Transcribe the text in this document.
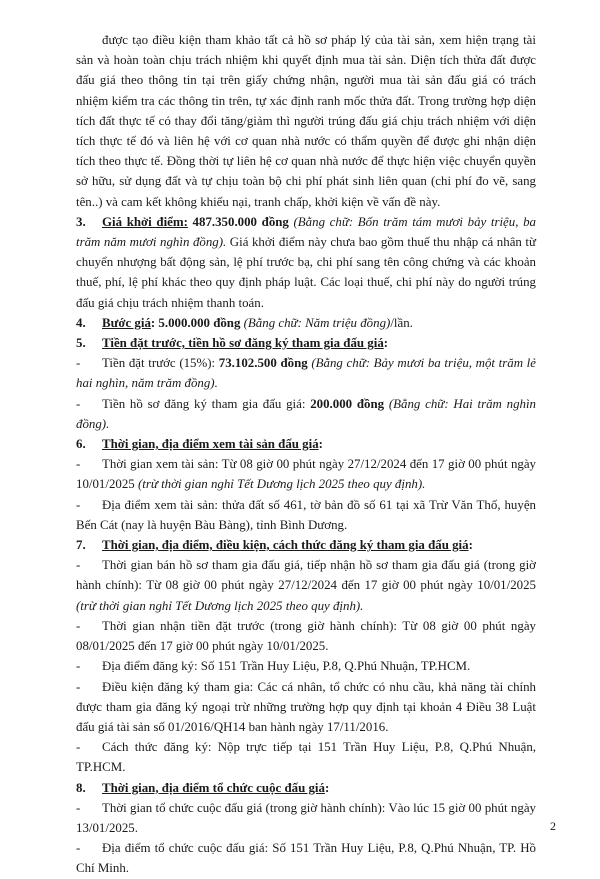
được tạo điều kiện tham khảo tất cả hồ sơ pháp lý của tài sản, xem hiện trạng tài sản và hoàn toàn chịu trách nhiệm khi quyết định mua tài sản. Diện tích thửa đất được đấu giá theo thông tin tại trên giấy chứng nhận, người mua tài sản đấu giá có trách nhiệm kiểm tra các thông tin trên, tự xác định ranh mốc thửa đất. Trong trường hợp diện tích đất thực tế có thay đổi tăng/giảm thì người trúng đấu giá chịu trách nhiệm với diện tích thực tế đó và liên hệ với cơ quan nhà nước có thẩm quyền để được ghi nhận diện tích theo thực tế. Đồng thời tự liên hệ cơ quan nhà nước để thực hiện việc chuyển quyền sở hữu, sử dụng đất và tự chịu toàn bộ chi phí phát sinh liên quan (chi phí đo vẽ, sang tên..) và cam kết không khiếu nại, tranh chấp, khởi kiện về vấn đề này.

3. Giá khởi điểm: 487.350.000 đồng (Bằng chữ: Bốn trăm tám mươi bảy triệu, ba trăm năm mươi nghìn đồng). Giá khởi điểm này chưa bao gồm thuế thu nhập cá nhân từ chuyển nhượng bất động sản, lệ phí trước bạ, chi phí sang tên công chứng và các khoản thuế, phí, lệ phí khác theo quy định pháp luật. Các loại thuế, chi phí này do người trúng đấu giá chịu trách nhiệm thanh toán.

4. Bước giá: 5.000.000 đồng (Bằng chữ: Năm triệu đồng)/lần.

5. Tiền đặt trước, tiền hồ sơ đăng ký tham gia đấu giá:

- Tiền đặt trước (15%): 73.102.500 đồng (Bằng chữ: Bảy mươi ba triệu, một trăm lẻ hai nghìn, năm trăm đồng).

- Tiền hồ sơ đăng ký tham gia đấu giá: 200.000 đồng (Bằng chữ: Hai trăm nghìn đồng).

6. Thời gian, địa điểm xem tài sản đấu giá:

- Thời gian xem tài sản: Từ 08 giờ 00 phút ngày 27/12/2024 đến 17 giờ 00 phút ngày 10/01/2025 (trừ thời gian nghỉ Tết Dương lịch 2025 theo quy định).

- Địa điểm xem tài sản: thửa đất số 461, tờ bản đồ số 61 tại xã Trừ Văn Thố, huyện Bến Cát (nay là huyện Bàu Bàng), tỉnh Bình Dương.

7. Thời gian, địa điểm, điều kiện, cách thức đăng ký tham gia đấu giá:

- Thời gian bán hồ sơ tham gia đấu giá, tiếp nhận hồ sơ tham gia đấu giá (trong giờ hành chính): Từ 08 giờ 00 phút ngày 27/12/2024 đến 17 giờ 00 phút ngày 10/01/2025 (trừ thời gian nghỉ Tết Dương lịch 2025 theo quy định).

- Thời gian nhận tiền đặt trước (trong giờ hành chính): Từ 08 giờ 00 phút ngày 08/01/2025 đến 17 giờ 00 phút ngày 10/01/2025.

- Địa điểm đăng ký: Số 151 Trần Huy Liệu, P.8, Q.Phú Nhuận, TP.HCM.

- Điều kiện đăng ký tham gia: Các cá nhân, tổ chức có nhu cầu, khả năng tài chính được tham gia đăng ký ngoại trừ những trường hợp quy định tại khoản 4 Điều 38 Luật đấu giá tài sản số 01/2016/QH14 ban hành ngày 17/11/2016.

- Cách thức đăng ký: Nộp trực tiếp tại 151 Trần Huy Liệu, P.8, Q.Phú Nhuận, TP.HCM.

8. Thời gian, địa điểm tổ chức cuộc đấu giá:

- Thời gian tổ chức cuộc đấu giá (trong giờ hành chính): Vào lúc 15 giờ 00 phút ngày 13/01/2025.

- Địa điểm tổ chức cuộc đấu giá: Số 151 Trần Huy Liệu, P.8, Q.Phú Nhuận, TP. Hồ Chí Minh.

2
